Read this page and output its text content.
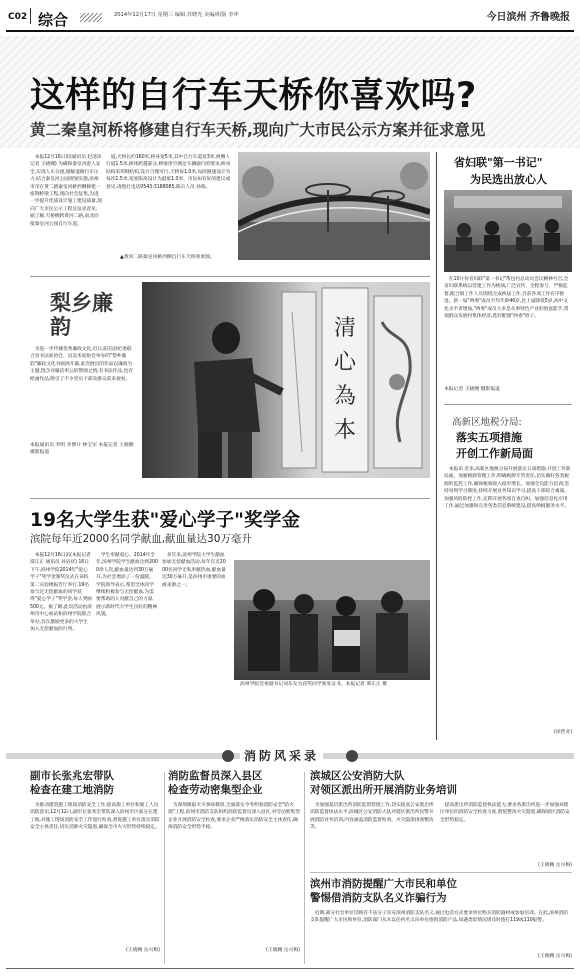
C02 综合	2014年12月17日 星期三 编辑 苏晓光 美编/组版 李冲	今日滨州 齐鲁晚报
这样的自行车天桥你喜欢吗?
黄二秦皇河桥将修建自行车天桥,现向广大市民公示方案并征求意见

本报12月16日讯(通讯员 赵清泽 记者 王晓翱) 为确保秦皇河游人安全,实现人车分流,缓解道路行车压力,结合秦皇河公园规划实施,滨州市市在黄二路秦皇河桥西侧修建一座钢桥梁工程,现向社会征集,为进一步提升优质设计施工建设质量,现向广大市民公示工程及征求意见。据了解,天桥横跨黄河二路,南北向接秦皇河公园自行车道。

道,天桥长约160米,桥身宽5米,其中自行车道宽3米,两侧人行道1.5米,桥体跨越部分,桥梁净空满足车辆通行的要求,桥身结构采用钢结构,设计合理可行,天桥每1.0米,每段限速设计为每次1.5米,宽度限高设计为最低1.0米。市民如有好的建议或意见,请拨打电话0543-3188085,陈宗人员 孙瑞。

▲黄河二路秦皇河桥西侧自行车天桥效果图。
省妇联"第一书记"
为民选出放心人

在10月份省妇联"第一书记"帮包村总动员会议精神号召,全省妇联系统以党建工作为统领,广泛宣传、全程参与、严格监督,配合镇工作人员围绕完成换届工作,目前各项工作有序推进。新一届"两委"成员平均年龄46岁,比上届降低5岁,高中文化水平者增加,"两委"成员大多是从事特色产业的致富能手,带领群众发展村集体经济,选好配强"两委"班子。

本报记者 王晓翱 摄影报道
梨乡廉韵

为进一步传播优秀廉政文化,近日,阳信县纪委联合县书法家协会、县美术家协会举办的"梨乡廉韵"廉政文化书画展开幕,此次展出的作品以廉政为主题,饱含对廉洁奉公的赞颂之情,有书法作品,也有绘画作品,吸引了不少党员干部及群众前来观看。

本报通讯员 李明 李博开 林宝军 本报记者 王晓翱 摄影报道
清心為本	高新区地税分局:
落实五项措施
开创工作新局面

本报讯 近来,高新区地税分局开展落实五项措施,开创工作新局面。加强税源管理工作,明确税源专管责任,切实做好各类税源的监控工作,确保税收收入稳步增长。加强全员能力培训,坚持每周学习制度,持续开展业务知识学习,提高干部综合素质。加强风险防控工作,定期开展各项自查自纠。加强信息化应用工作,通过加强和完善各类信息系统建设,提高纳税服务水平。

(徐营业)
19名大学生获"爱心学子"奖学金
滨院每年近2000名同学献血,献血量达30万毫升

本报12月16日讯(本报记者 谭正正 通讯员 孙岩祥) 16日下午,滨州学院2014年"爱心学子"奖学金颁奖仪式在该校第二实验楼报告厅举行,19名参与过无偿献血的同学获得"爱心学子"奖学金,每人奖励500元。据了解,此次活动由滨州市中心血站和滨州学院联合举办,旨在激励更多的大学生加入无偿献血的行列。

学生奉献爱心。2014年全年,滨州学院学生献血达到2000余人次,献血量达到30万毫升,为社会增添了一份温暖。学院领导表示,希望全体同学继续积极参与无偿献血,为需要帮助的人贡献自己的力量,展示新时代大学生良好的精神风貌。

多年来,滨州学院大学生献血参加无偿献血活动,每年有近2000名同学无私奉献热血,献血量达30万毫升,是滨州市重要的血液来源之一。

滨州学院党委副书记刘东女为获奖同学颁发证书。本报记者 谭正正 摄
消防风采录
副市长张兆宏带队
检查在建工地消防

为推动建筑施工现场消防安全工作,提高施工单位和施工人员消防意识,12月12日,副市长张兆宏带队深入滨州市区部分在建工地,对施工现场消防安全工作进行检查,督促施工单位落实消防安全主体责任,切实消除火灾隐患,确保全市火灾形势持续稳定。

(王晓翱 岳兴梅)
消防监督员深入县区
检查劳动密集型企业

为深刻吸取火灾事故教训,全面落实今冬明春消防安全"防火墙"工程,滨州市消防支队组织消防监督员深入县区,对劳动密集型企业开展消防安全检查,要求企业严格落实消防安全主体责任,确保消防安全形势平稳。

(王晓翱 岳兴梅)
滨城区公安消防大队
对领区派出所开展消防业务培训

为加强基层派出所消防监督管理工作,切实提高公安派出所消防监督执法水平,滨城区公安消防大队对辖区派出所民警开展消防业务培训,内容涵盖消防监督检查、火灾隐患排查整改等。

提高派出所消防监督执法能力,要求各派出所进一步加强对辖区单位的消防安全检查力度,督促整改火灾隐患,确保辖区消防安全形势稳定。

(王晓翱 岳兴梅)
滨州市消防提醒广大市民和单位
警惕借消防支队名义诈骗行为

近期,部分社会单位反映有不法分子冒充滨州消防支队名义,通过电话方式要求单位购买消防器材或参加培训。在此,滨州消防支队提醒广大市民和单位,消防部门从未以任何名义向单位推销消防产品,如遇类似情况请及时拨打119或110报警。

(王晓翱 岳兴梅)
